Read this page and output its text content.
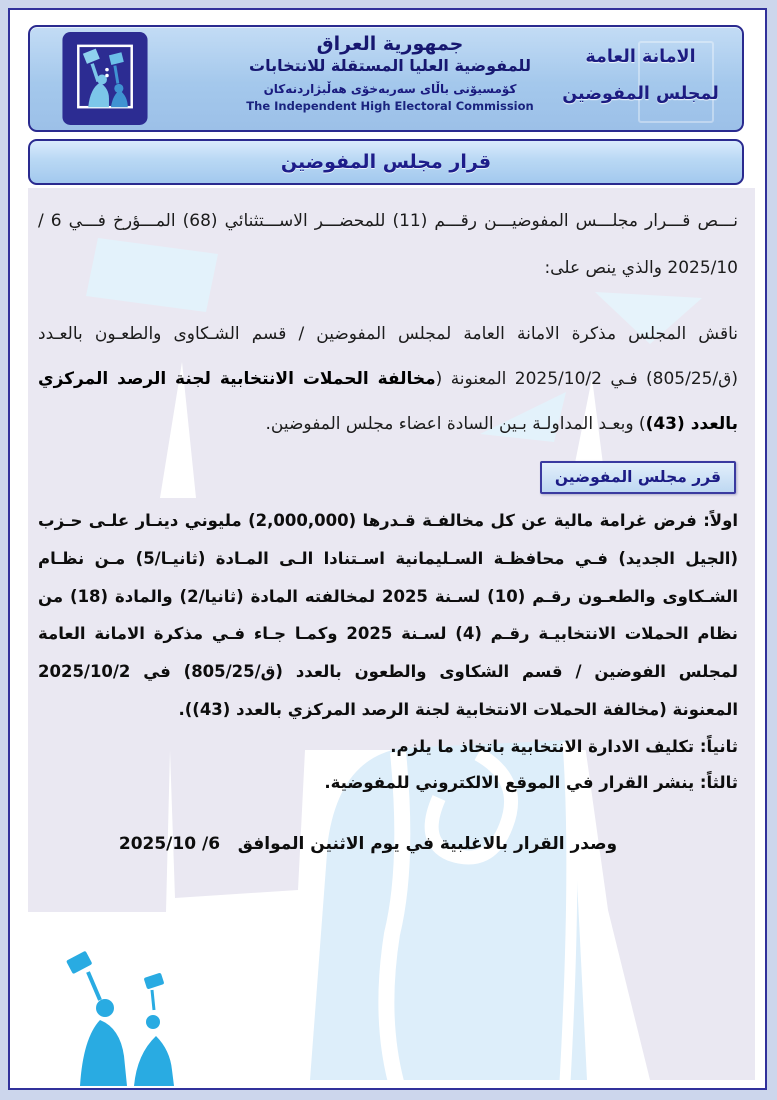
جمهورية العراق
للمفوضية العليا المستقلة للانتخابات
كۆمسيۆنى باڵاى سەربەخۆى هەڵبژاردنەكان
The Independent High Electoral Commission
الامانة العامة
لمجلس المفوضين
قرار مجلس المفوضين

نـــص قـــرار مجلـــس المفوضيـــن رقـــم (11) للمحضـــر الاســـتثنائي (68) المـــؤرخ فـــي 6 / 2025/10 والذي ينص على:

ناقش المجلس مذكرة الامانة العامة لمجلس المفوضين / قسم الشـكاوى والطعـون بالعـدد (ق/805/25) فـي 2025/10/2 المعنونة (مخالفة الحملات الانتخابية لجنة الرصد المركزي بالعدد (43)) وبعـد المداولـة بـين السادة اعضاء مجلس المفوضين.

قرر مجلس المفوضين

اولاً: فرض غرامة مالية عن كل مخالفـة قـدرها (2,000,000) مليوني دينـار علـى حـزب (الجيل الجديد) فـي محافظـة السـليمانية اسـتنادا الـى المـادة (ثانيـا/5) مـن نظـام الشـكاوى والطعـون رقـم (10) لسـنة 2025 لمخالفته المادة (ثانيا/2) والمادة (18) من نظام الحملات الانتخابيـة رقـم (4) لسـنة 2025 وكمـا جـاء فـي مذكرة الامانة العامة لمجلس الفوضين / قسم الشكاوى والطعون بالعدد (ق/805/25) في 2025/10/2 المعنونة (مخالفة الحملات الانتخابية لجنة الرصد المركزي بالعدد (43)).

ثانياً: تكليف الادارة الانتخابية باتخاذ ما يلزم.

ثالثاً: ينشر القرار في الموقع الالكتروني للمفوضية.

وصدر القرار بالاغلبية في يوم الاثنين الموافق   6/ 2025/10
